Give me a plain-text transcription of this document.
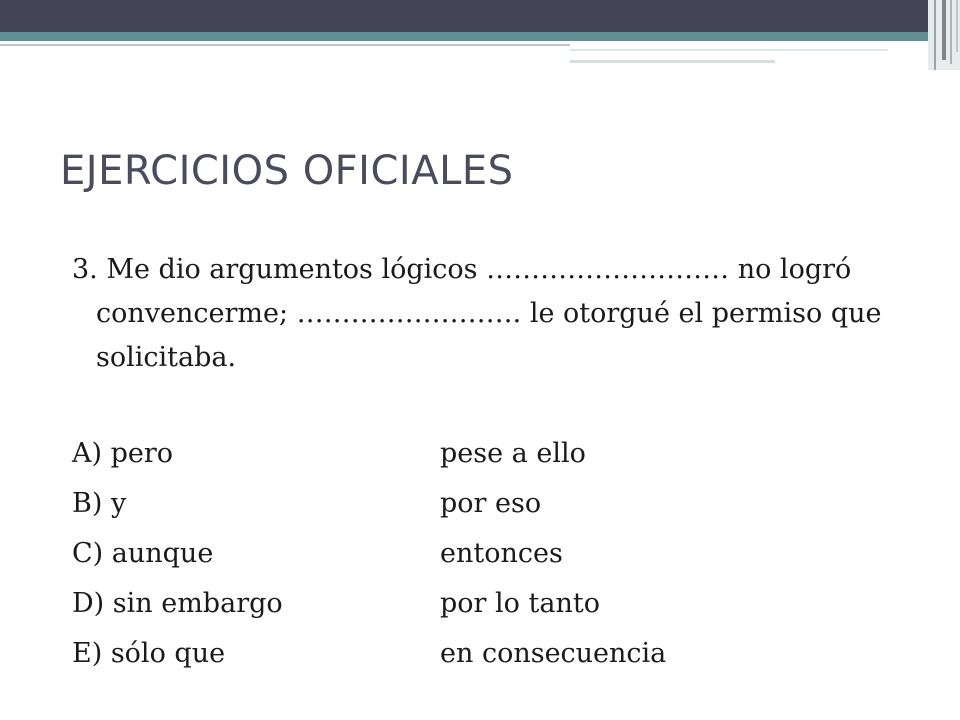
EJERCICIOS OFICIALES

3. Me dio argumentos lógicos ……………………… no logró convencerme; ……………………. le otorgué el permiso que solicitaba.

A) pero	pese a ello
B) y	por eso
C) aunque	entonces
D) sin embargo	por lo tanto
E) sólo que	en consecuencia
